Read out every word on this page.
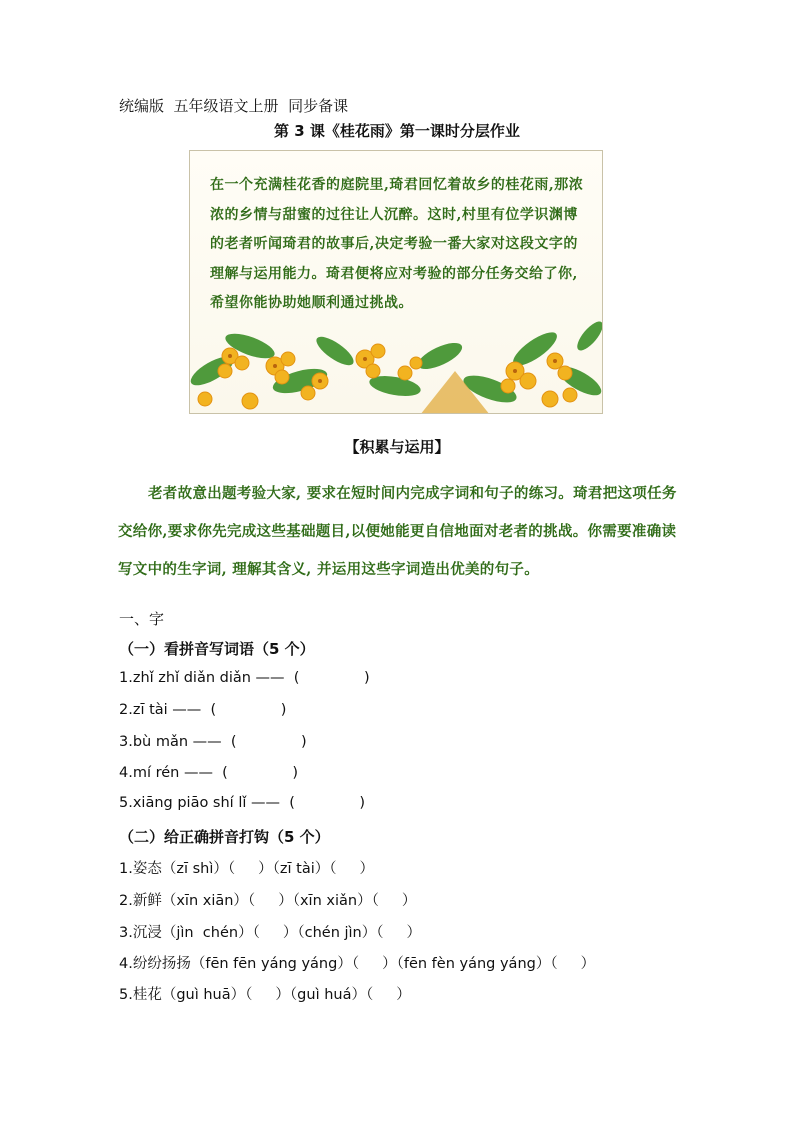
统编版  五年级语文上册  同步备课
第 3 课《桂花雨》第一课时分层作业
在一个充满桂花香的庭院里,琦君回忆着故乡的桂花雨,那浓浓的乡情与甜蜜的过往让人沉醉。这时,村里有位学识渊博的老者听闻琦君的故事后,决定考验一番大家对这段文字的理解与运用能力。琦君便将应对考验的部分任务交给了你, 希望你能协助她顺利通过挑战。
【积累与运用】
老者故意出题考验大家, 要求在短时间内完成字词和句子的练习。琦君把这项任务交给你,要求你先完成这些基础题目,以便她能更自信地面对老者的挑战。你需要准确读写文中的生字词, 理解其含义, 并运用这些字词造出优美的句子。
一、字
（一）看拼音写词语（5 个）
1.zhǐ zhǐ diǎn diǎn ——  (              )
2.zī tài ——  (              )
3.bù mǎn ——  (              )
4.mí rén ——  (              )
5.xiāng piāo shí lǐ ——  (              )
（二）给正确拼音打钩（5 个）
1.姿态（zī shì）（     ）（zī tài）（     ）
2.新鲜（xīn xiān）（     ）（xīn xiǎn）（     ）
3.沉浸（jìn  chén）（     ）（chén jìn）（     ）
4.纷纷扬扬（fēn fēn yáng yáng）（     ）（fēn fèn yáng yáng）（     ）
5.桂花（guì huā）（     ）（guì huá）（     ）
